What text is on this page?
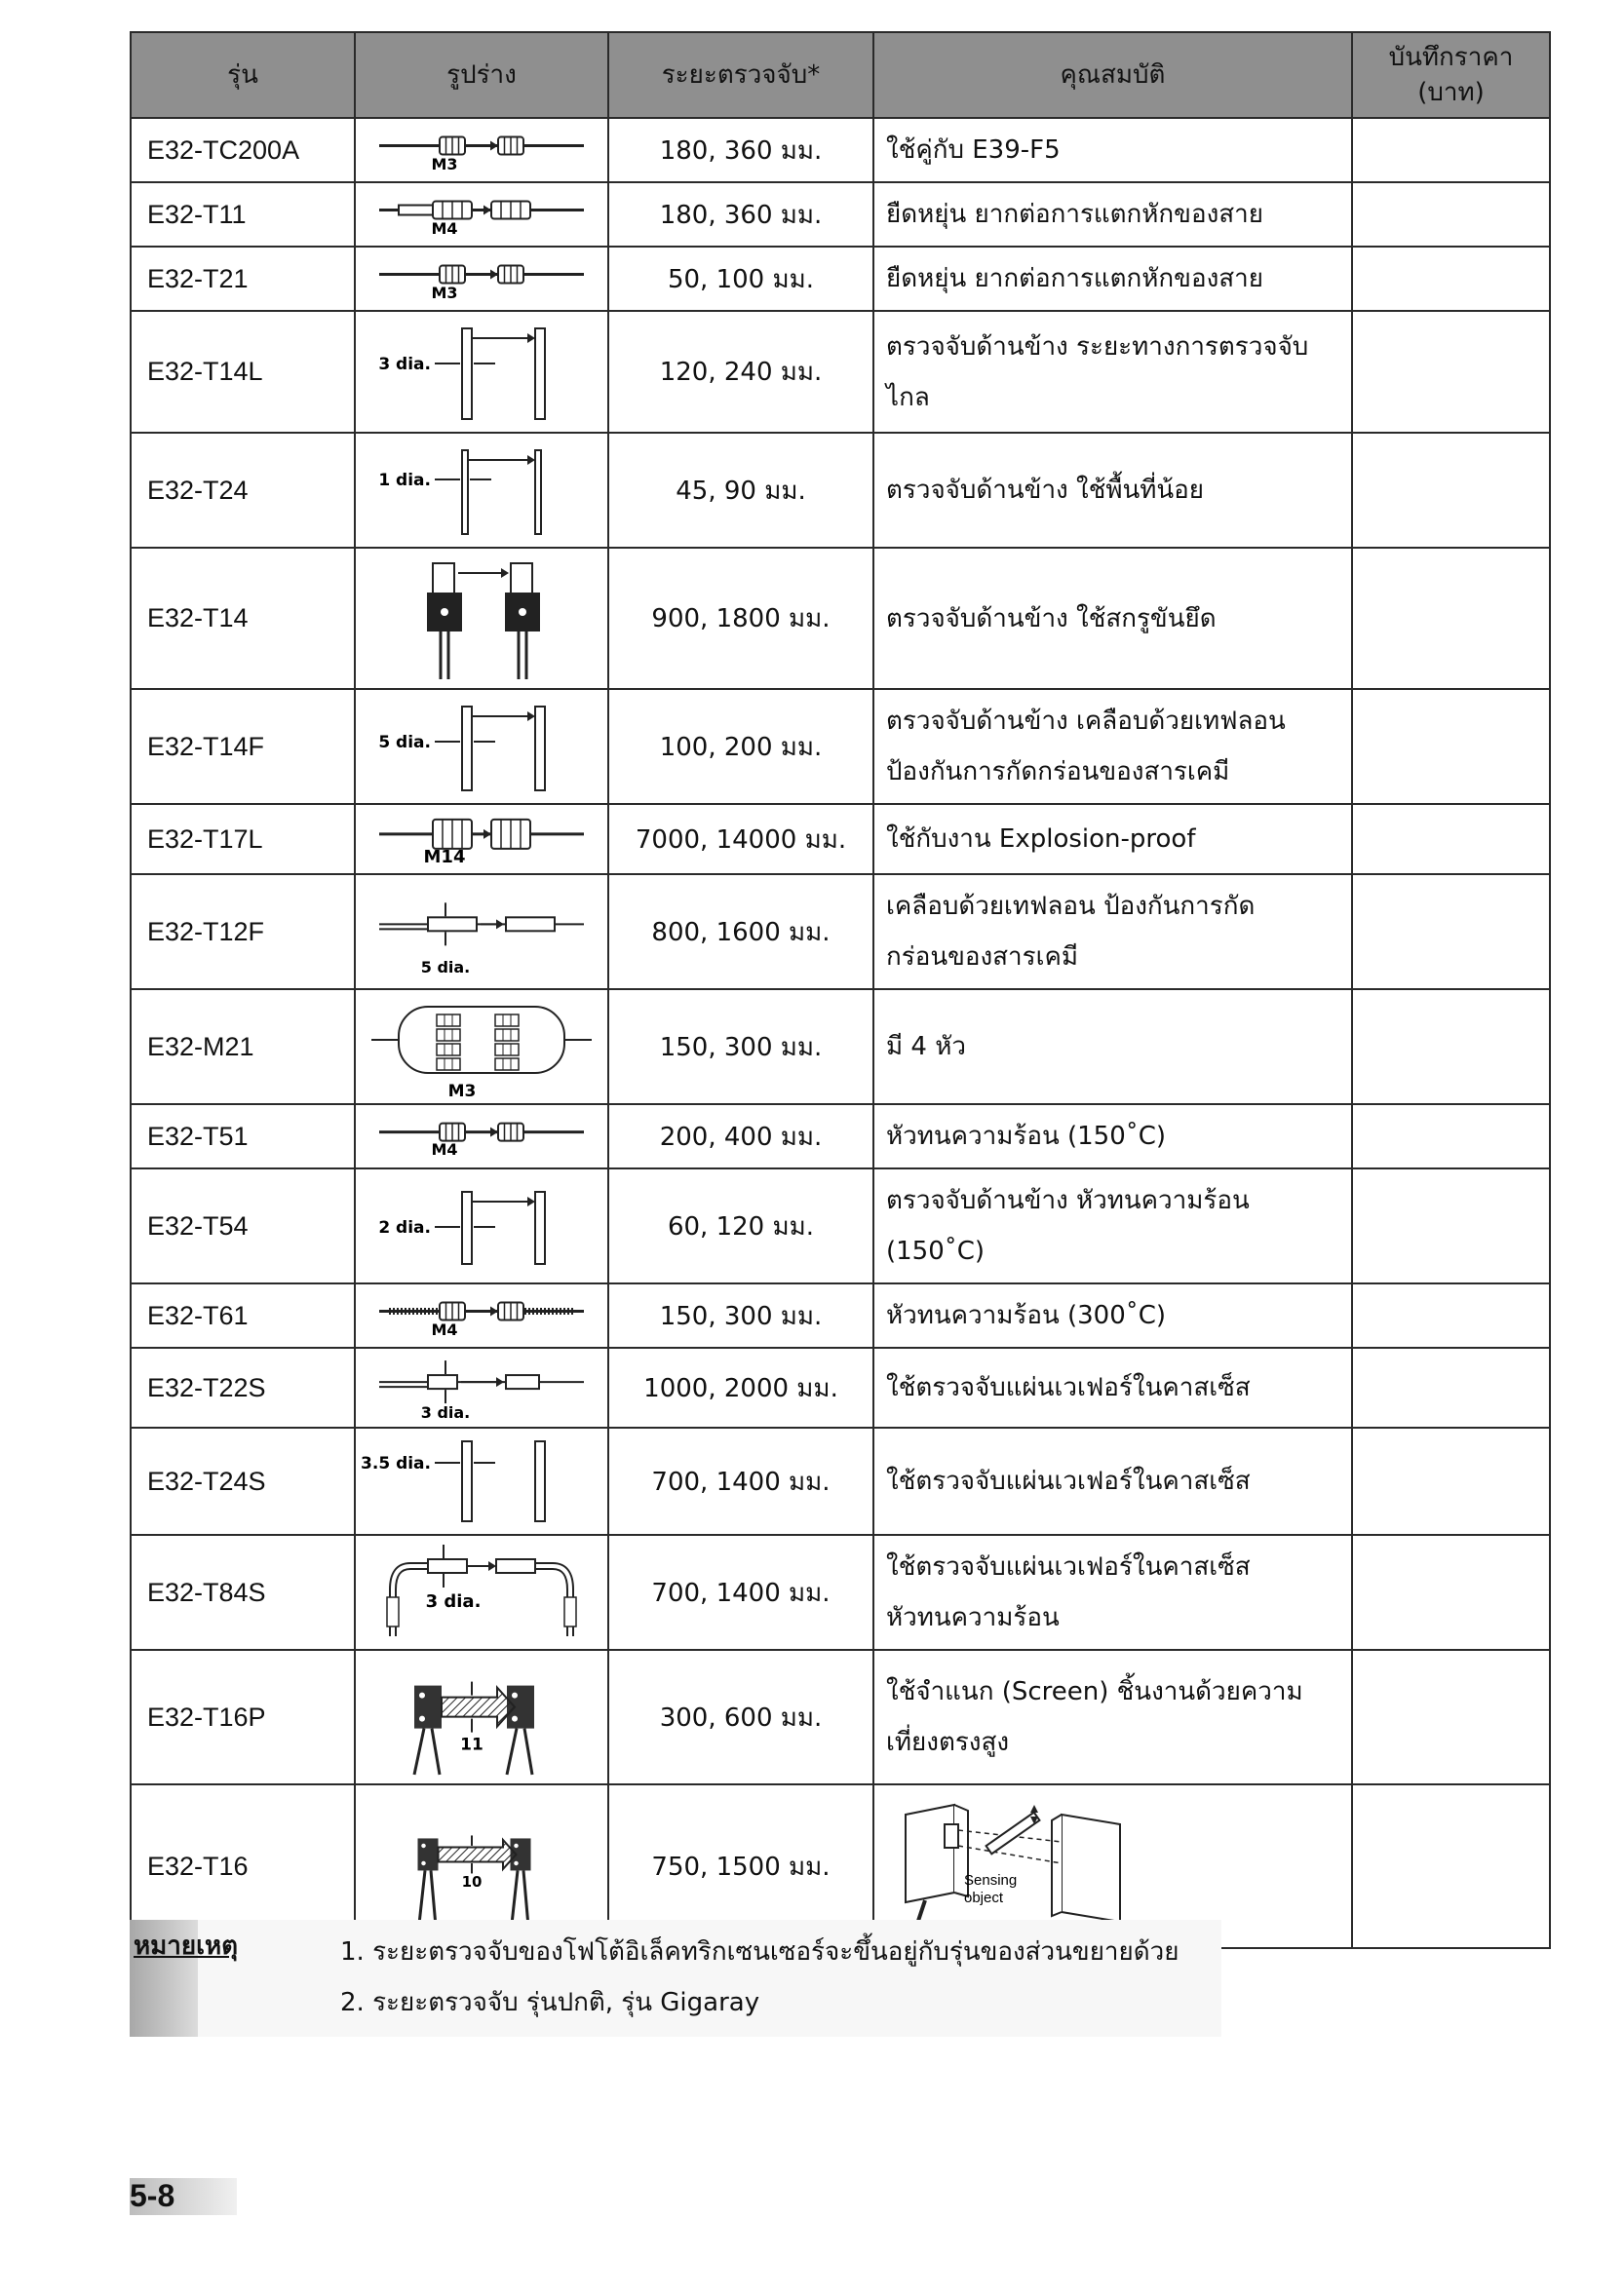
รุ่น	รูปร่าง	ระยะตรวจจับ*	คุณสมบัติ	บันทึกราคา
(บาท)

E32-TC200A	M3	180, 360 มม.	ใช้คู่กับ E39-F5	

E32-T11	M4	180, 360 มม.	ยืดหยุ่น ยากต่อการแตกหักของสาย	

E32-T21	M3	50, 100 มม.	ยืดหยุ่น ยากต่อการแตกหักของสาย	

E32-T14L	3 dia.	120, 240 มม.	ตรวจจับด้านข้าง ระยะทางการตรวจจับ
ไกล	

E32-T24	1 dia.	45, 90 มม.	ตรวจจับด้านข้าง ใช้พื้นที่น้อย	

E32-T14		900, 1800 มม.	ตรวจจับด้านข้าง ใช้สกรูขันยึด	

E32-T14F	5 dia.	100, 200 มม.	ตรวจจับด้านข้าง เคลือบด้วยเทฟลอน
ป้องกันการกัดกร่อนของสารเคมี	

E32-T17L	M14	7000, 14000 มม.	ใช้กับงาน Explosion-proof	

E32-T12F	5 dia.	800, 1600 มม.	เคลือบด้วยเทฟลอน ป้องกันการกัด
กร่อนของสารเคมี	

E32-M21	M3	150, 300 มม.	มี 4 หัว	

E32-T51	M4	200, 400 มม.	หัวทนความร้อน (150˚C)	

E32-T54	2 dia.	60, 120 มม.	ตรวจจับด้านข้าง หัวทนความร้อน
(150˚C)	

E32-T61	M4	150, 300 มม.	หัวทนความร้อน (300˚C)	

E32-T22S	3 dia.	1000, 2000 มม.	ใช้ตรวจจับแผ่นเวเฟอร์ในคาสเซ็ส	

E32-T24S	3.5 dia.	700, 1400 มม.	ใช้ตรวจจับแผ่นเวเฟอร์ในคาสเซ็ส	

E32-T84S	3 dia.	700, 1400 มม.	ใช้ตรวจจับแผ่นเวเฟอร์ในคาสเซ็ส
หัวทนความร้อน	

E32-T16P	11	300, 600 มม.	ใช้จำแนก (Screen) ชิ้นงานด้วยความ
เที่ยงตรงสูง	

E32-T16	10	750, 1500 มม.	Sensing
object	

หมายเหตุ	1. ระยะตรวจจับของโฟโต้อิเล็คทริกเซนเซอร์จะขึ้นอยู่กับรุ่นของส่วนขยายด้วย
2. ระยะตรวจจับ รุ่นปกติ, รุ่น Gigaray
5-8
